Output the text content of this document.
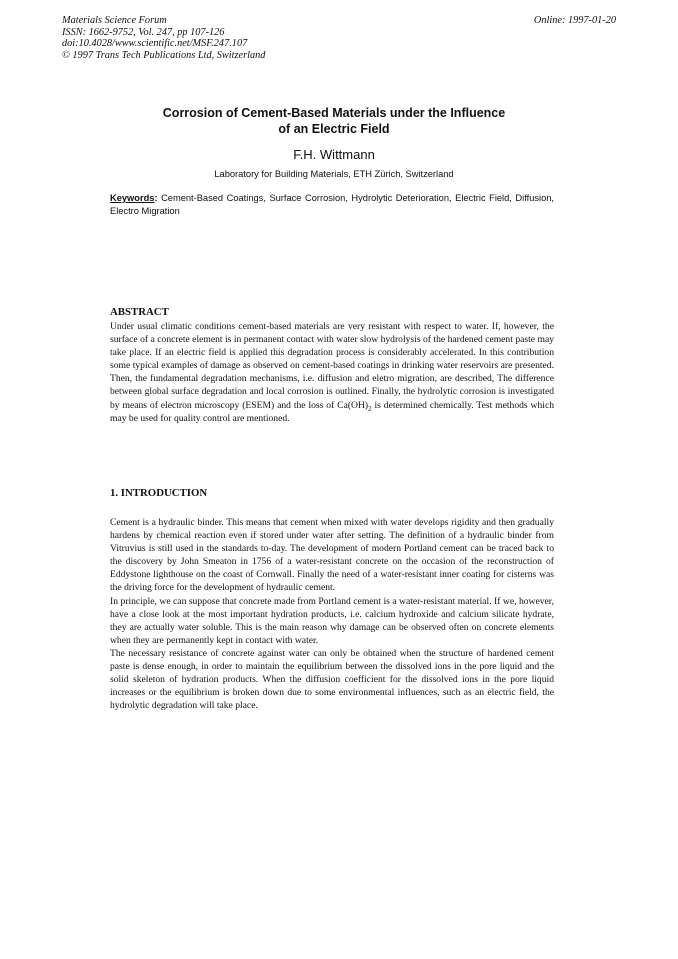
Materials Science Forum
ISSN: 1662-9752, Vol. 247, pp 107-126
doi:10.4028/www.scientific.net/MSF.247.107
© 1997 Trans Tech Publications Ltd, Switzerland
Online: 1997-01-20
Corrosion of Cement-Based Materials under the Influence
of an Electric Field
F.H. Wittmann
Laboratory for Building Materials, ETH Zürich, Switzerland
Keywords: Cement-Based Coatings, Surface Corrosion, Hydrolytic Deterioration, Electric Field, Diffusion, Electro Migration
ABSTRACT

Under usual climatic conditions cement-based materials are very resistant with respect to water. If, however, the surface of a concrete element is in permanent contact with water slow hydrolysis of the hardened cement paste may take place. If an electric field is applied this degradation process is considerably accelerated. In this contribution some typical examples of damage as observed on cement-based coatings in drinking water reservoirs are presented. Then, the fundamental degradation mechanisms, i.e. diffusion and eletro migration, are described, The difference between global surface degradation and local corrosion is outlined. Finally, the hydrolytic corrosion is investigated by means of electron microscopy (ESEM) and the loss of $Ca(OH)_2$ is determined chemically. Test methods which may be used for quality control are mentioned.

1. INTRODUCTION

Cement is a hydraulic binder. This means that cement when mixed with water develops rigidity and then gradually hardens by chemical reaction even if stored under water after setting. The definition of a hydraulic binder from Vitruvius is still used in the standards to-day. The development of modern Portland cement can be traced back to the discovery by John Smeaton in 1756 of a water-resistant concrete on the occasion of the reconstruction of Eddystone lighthouse on the coast of Cornwall. Finally the need of a water-resistant inner coating for cisterns was the driving force for the development of hydraulic cement.

In principle, we can suppose that concrete made from Portland cement is a water-resistant material. If we, however, have a close look at the most important hydration products, i.e. calcium hydroxide and calcium silicate hydrate, they are actually water soluble. This is the main reason why damage can be observed often on concrete elements when they are permanently kept in contact with water.

The necessary resistance of concrete against water can only be obtained when the structure of hardened cement paste is dense enough, in order to maintain the equilibrium between the dissolved ions in the pore liquid and the solid skeleton of hydration products. When the diffusion coefficient for the dissolved ions in the pore liquid increases or the equilibrium is broken down due to some environmental influences, such as an electric field, the hydrolytic degradation will take place.
